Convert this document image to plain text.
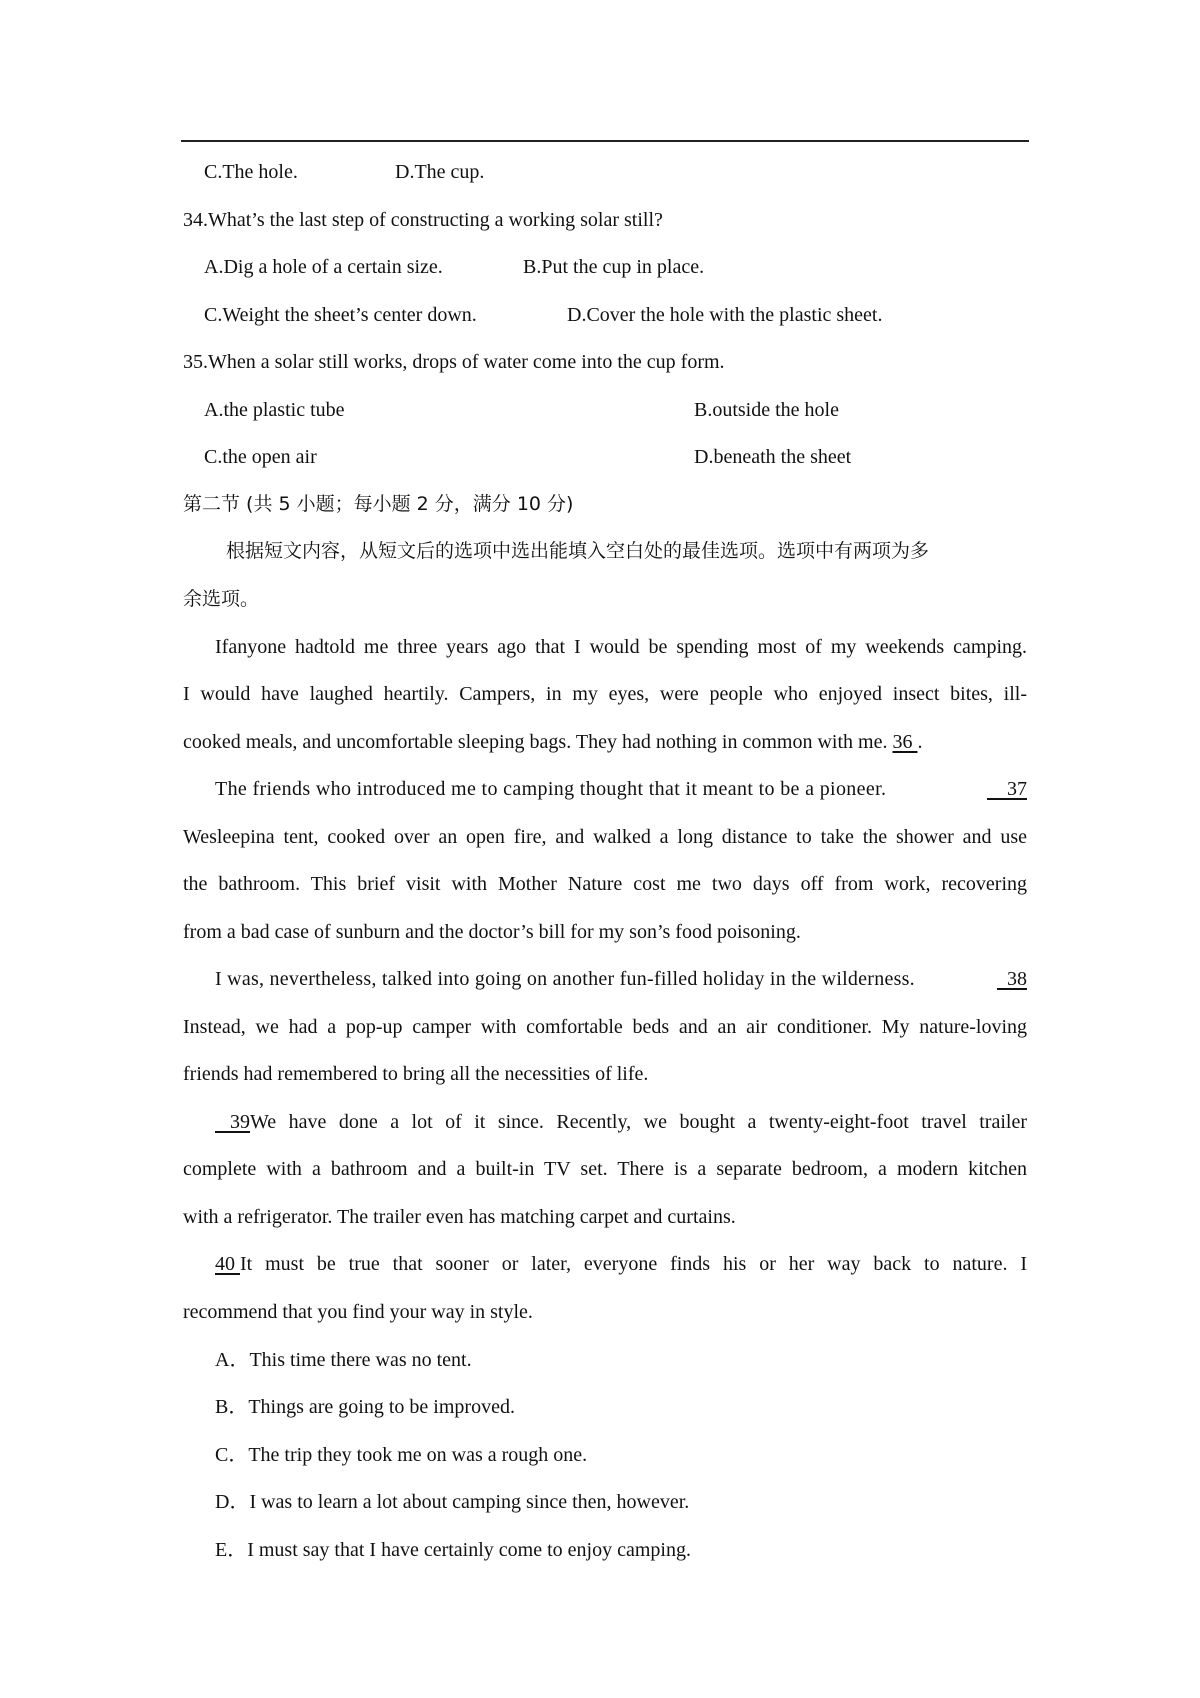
C.The hole.	D.The cup.
34.What’s the last step of constructing a working solar still?
A.Dig a hole of a certain size.	B.Put the cup in place.
C.Weight the sheet’s center down.	D.Cover the hole with the plastic sheet.
35.When a solar still works, drops of water come into the cup form.
A.the plastic tube	B.outside the hole
C.the open air	D.beneath the sheet
第二节 (共 5 小题；每小题 2 分，满分 10 分)
根据短文内容，从短文后的选项中选出能填入空白处的最佳选项。选项中有两项为多
余选项。
Ifanyone hadtold me three years ago that I would be spending most of my weekends camping.
I would have laughed heartily. Campers, in my eyes, were people who enjoyed insect bites, ill-
cooked meals, and uncomfortable sleeping bags. They had nothing in common with me. 36 .
The friends who introduced me to camping thought that it meant to be a pioneer.	37
Wesleepina tent, cooked over an open fire, and walked a long distance to take the shower and use
the bathroom. This brief visit with Mother Nature cost me two days off from work, recovering
from a bad case of sunburn and the doctor’s bill for my son’s food poisoning.
I was, nevertheless, talked into going on another fun-filled holiday in the wilderness.	38
Instead, we had a pop-up camper with comfortable beds and an air conditioner. My nature-loving
friends had remembered to bring all the necessities of life.
39 We have done a lot of it since. Recently, we bought a twenty-eight-foot travel trailer
complete with a bathroom and a built-in TV set. There is a separate bedroom, a modern kitchen
with a refrigerator. The trailer even has matching carpet and curtains.
40 It must be true that sooner or later, everyone finds his or her way back to nature. I
recommend that you find your way in style.
A．This time there was no tent.
B．Things are going to be improved.
C．The trip they took me on was a rough one.
D．I was to learn a lot about camping since then, however.
E．I must say that I have certainly come to enjoy camping.
